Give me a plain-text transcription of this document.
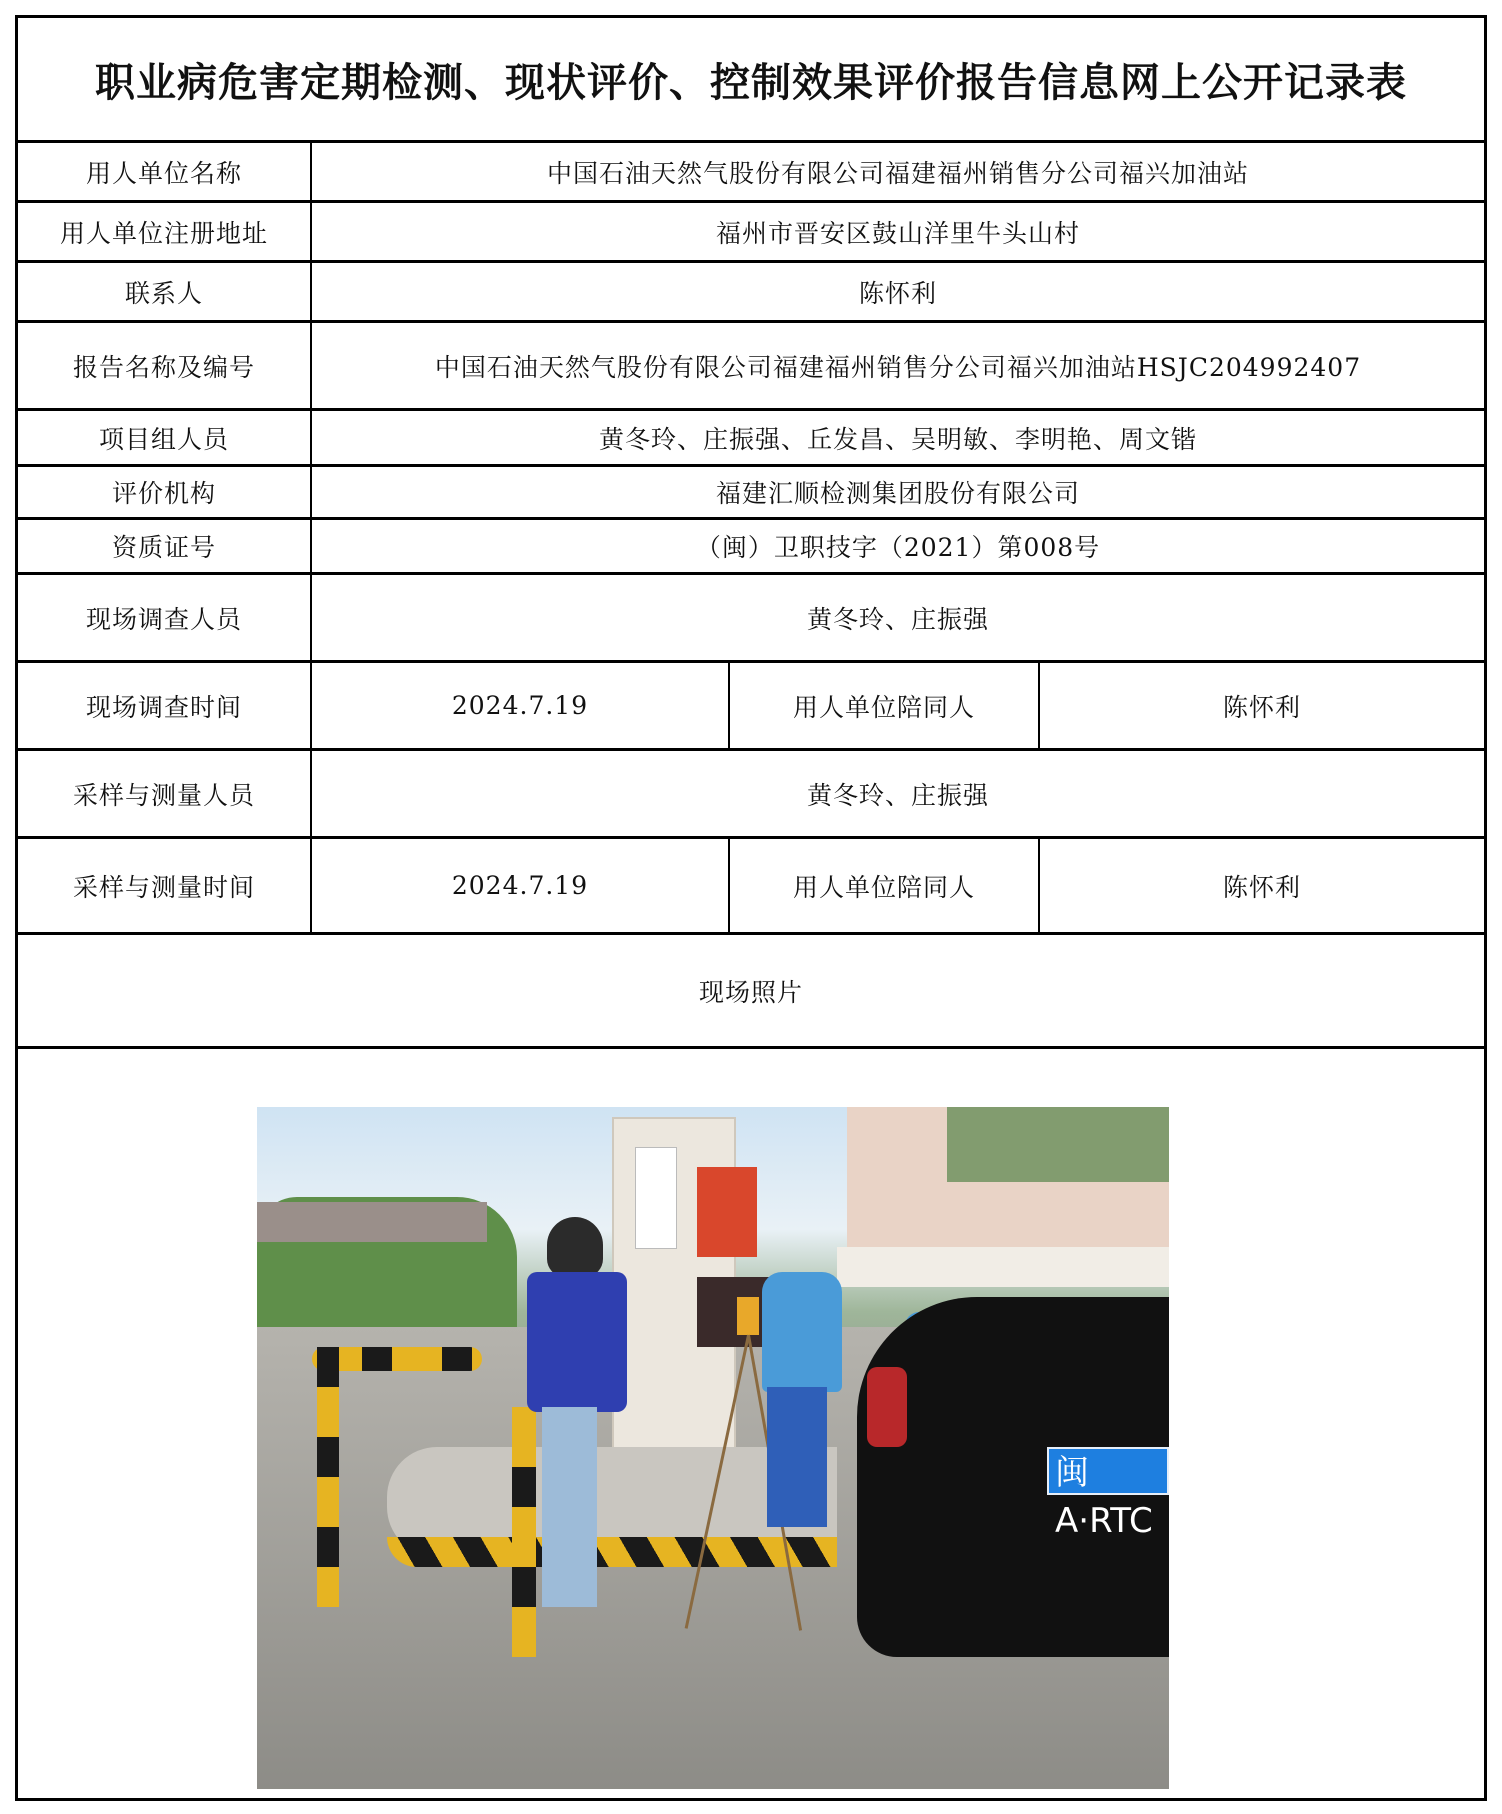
职业病危害定期检测、现状评价、控制效果评价报告信息网上公开记录表
用人单位名称	中国石油天然气股份有限公司福建福州销售分公司福兴加油站
用人单位注册地址	福州市晋安区鼓山洋里牛头山村
联系人	陈怀利
报告名称及编号	中国石油天然气股份有限公司福建福州销售分公司福兴加油站HSJC204992407
项目组人员	黄冬玲、庄振强、丘发昌、吴明敏、李明艳、周文锴
评价机构	福建汇顺检测集团股份有限公司
资质证号	（闽）卫职技字（2021）第008号
现场调查人员	黄冬玲、庄振强
现场调查时间	2024.7.19	用人单位陪同人	陈怀利
采样与测量人员	黄冬玲、庄振强
采样与测量时间	2024.7.19	用人单位陪同人	陈怀利
现场照片
闽A·RTC
